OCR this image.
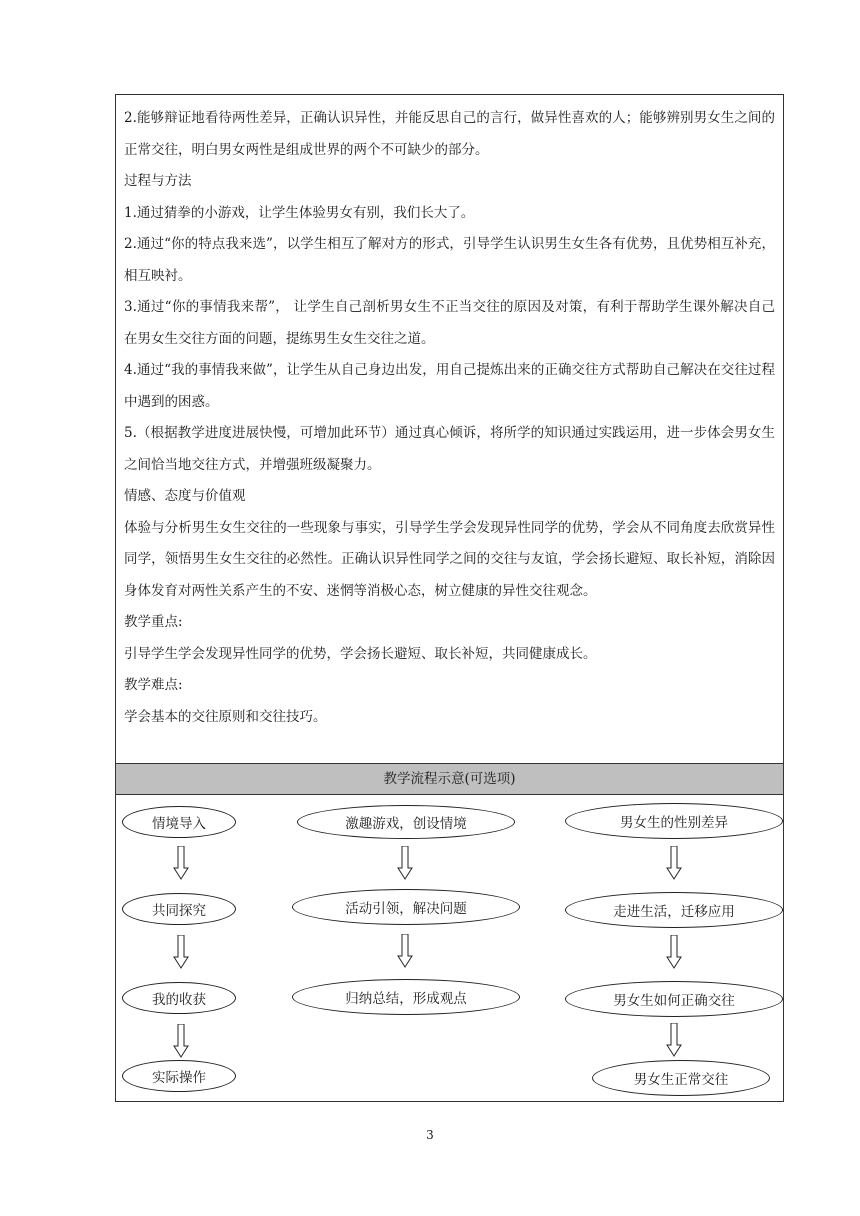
2.能够辩证地看待两性差异，正确认识异性，并能反思自己的言行，做异性喜欢的人；能够辨别男女生之间的正常交往，明白男女两性是组成世界的两个不可缺少的部分。

过程与方法

1.通过猜拳的小游戏，让学生体验男女有别，我们长大了。

2.通过“你的特点我来选”，以学生相互了解对方的形式，引导学生认识男生女生各有优势，且优势相互补充，相互映衬。

3.通过“你的事情我来帮”， 让学生自己剖析男女生不正当交往的原因及对策，有利于帮助学生课外解决自己在男女生交往方面的问题，提练男生女生交往之道。

4.通过“我的事情我来做”，让学生从自己身边出发，用自己提炼出来的正确交往方式帮助自己解决在交往过程中遇到的困惑。

5.（根据教学进度进展快慢，可增加此环节）通过真心倾诉，将所学的知识通过实践运用，进一步体会男女生之间恰当地交往方式，并增强班级凝聚力。

情感、态度与价值观

体验与分析男生女生交往的一些现象与事实，引导学生学会发现异性同学的优势，学会从不同角度去欣赏异性同学，领悟男生女生交往的必然性。正确认识异性同学之间的交往与友谊，学会扬长避短、取长补短，消除因身体发育对两性关系产生的不安、迷惘等消极心态，树立健康的异性交往观念。

教学重点:

引导学生学会发现异性同学的优势，学会扬长避短、取长补短，共同健康成长。

教学难点:

学会基本的交往原则和交往技巧。

教学流程示意(可选项)
情境导入
共同探究
我的收获
实际操作
激趣游戏，创设情境
活动引领，解决问题
归纳总结，形成观点
男女生的性别差异
走进生活，迁移应用
男女生如何正确交往
男女生正常交往
3
